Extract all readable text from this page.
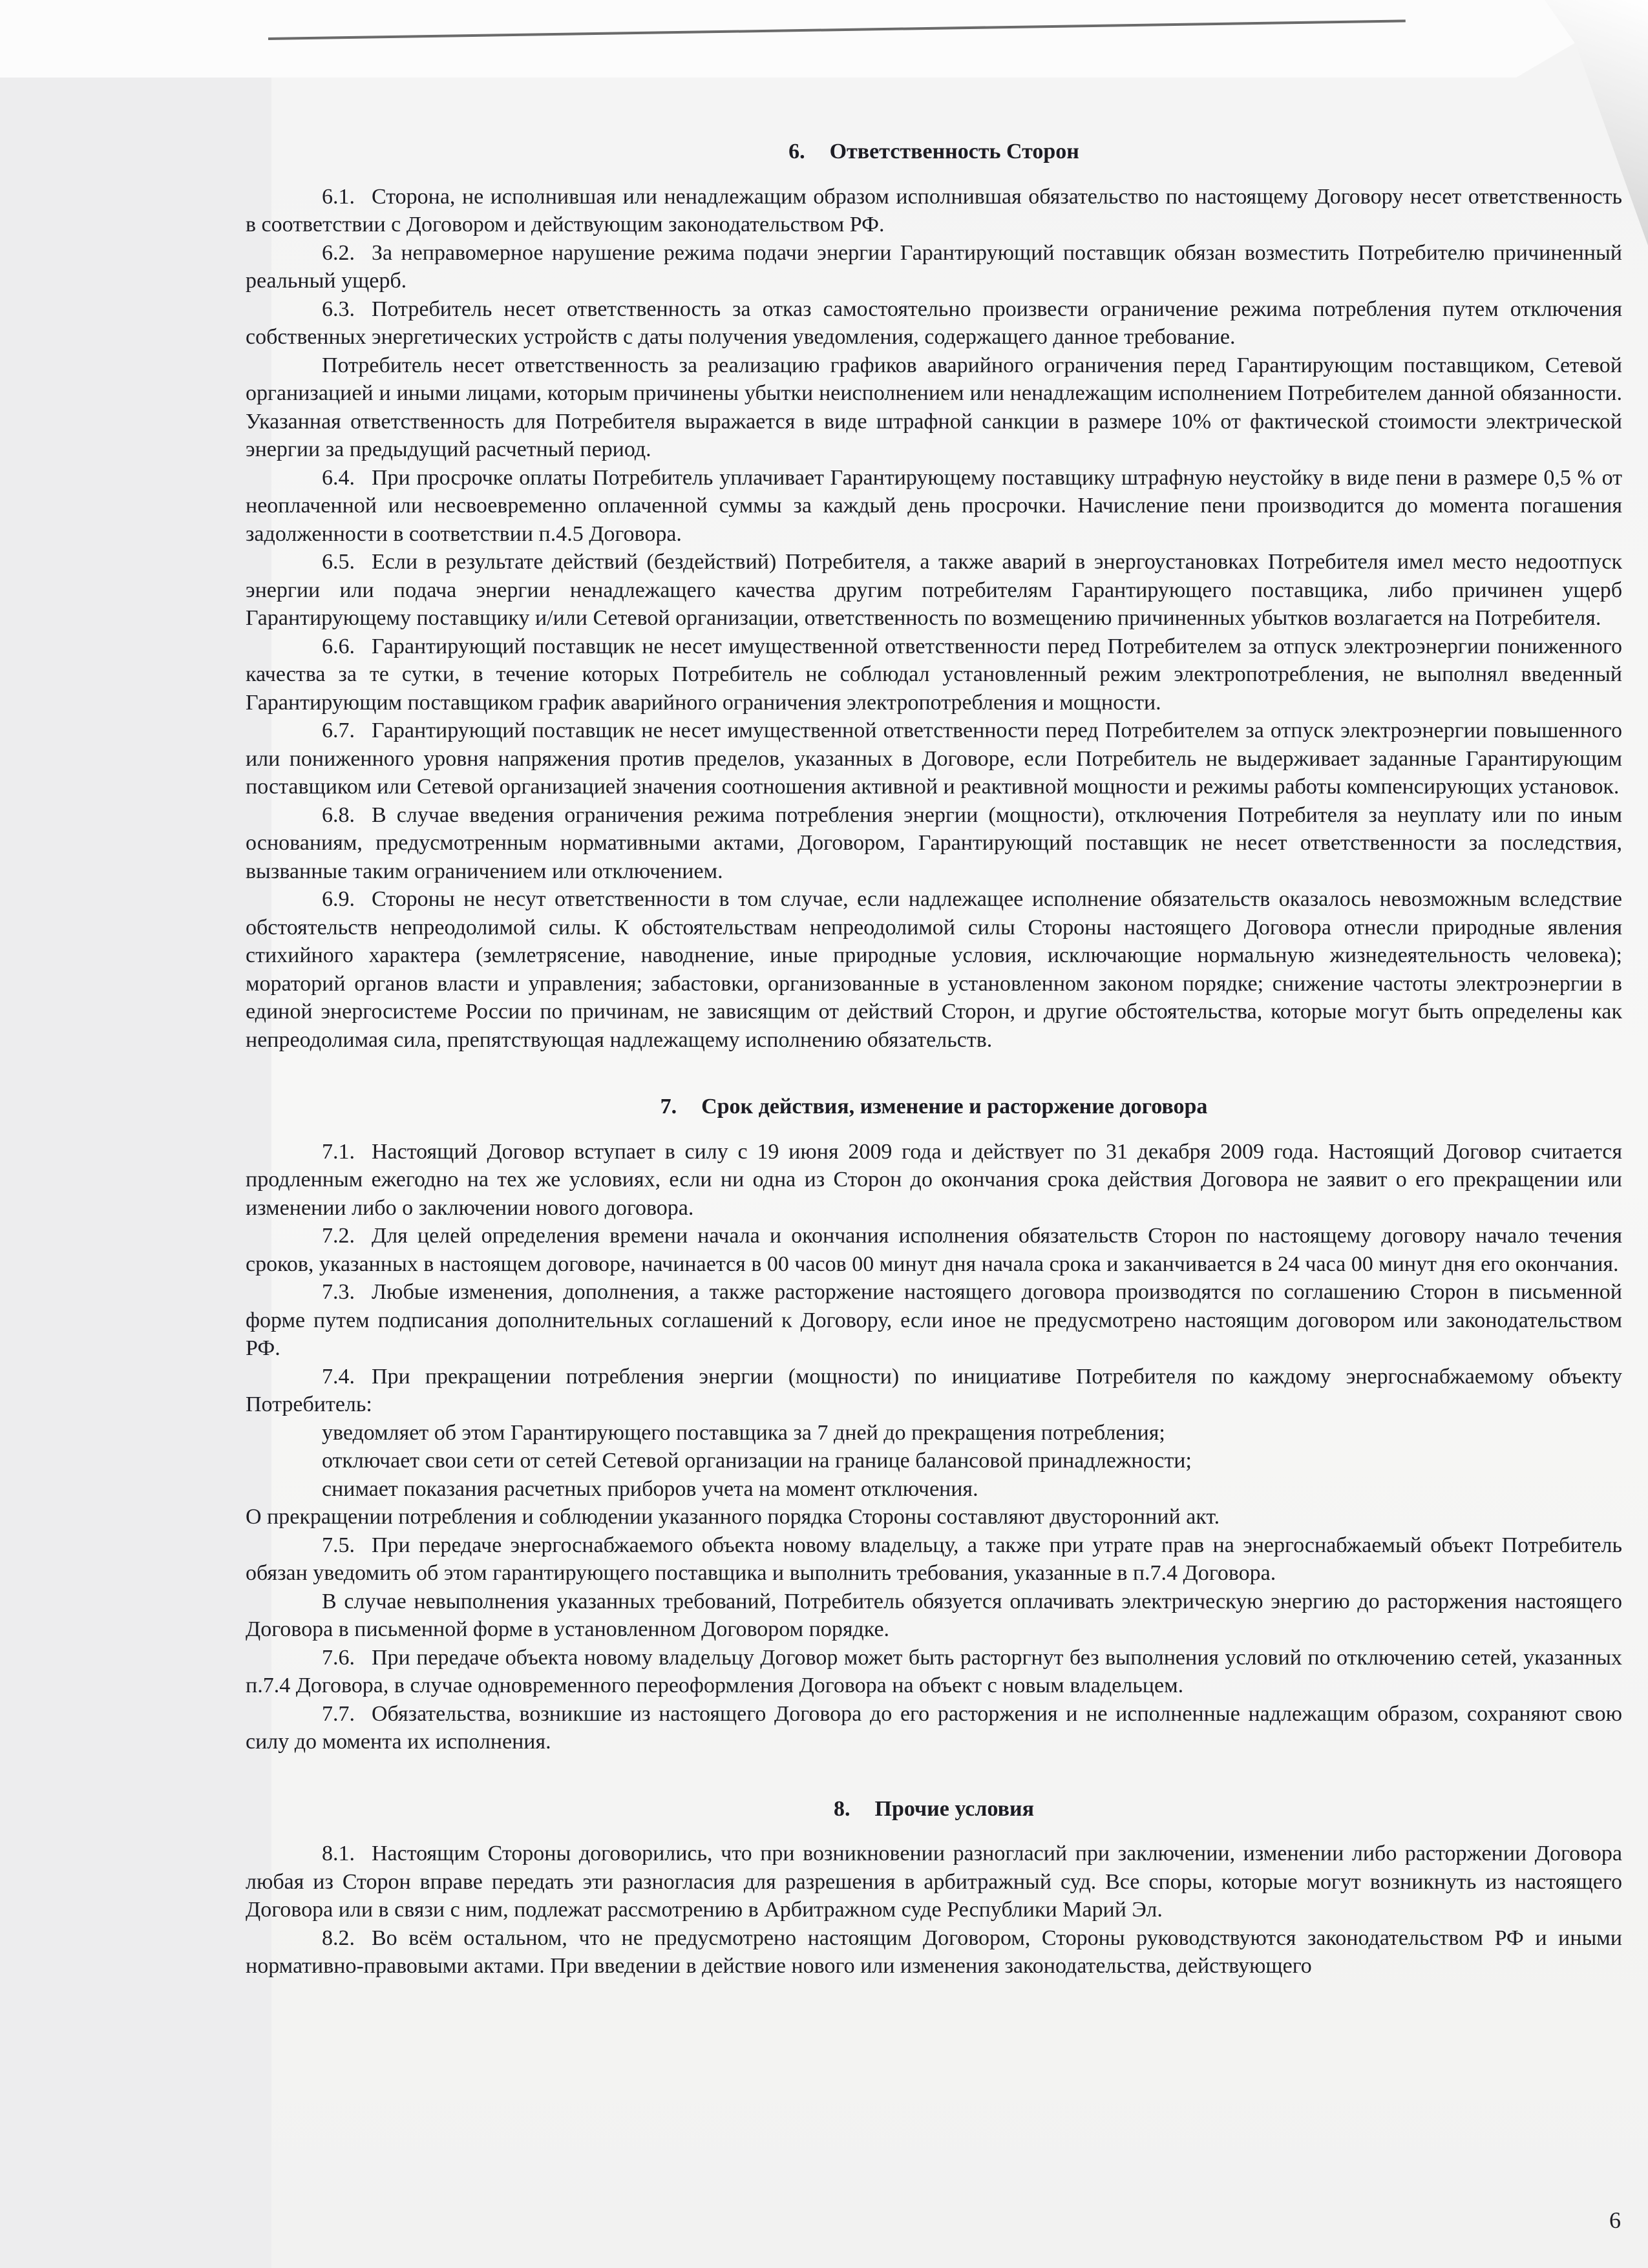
6. Ответственность Сторон

6.1. Сторона, не исполнившая или ненадлежащим образом исполнившая обязательство по настоящему Договору несет ответственность в соответствии с Договором и действующим законодательством РФ.

6.2. За неправомерное нарушение режима подачи энергии Гарантирующий поставщик обязан возместить Потребителю причиненный реальный ущерб.

6.3. Потребитель несет ответственность за отказ самостоятельно произвести ограничение режима потребления путем отключения собственных энергетических устройств с даты получения уведомления, содержащего данное требование.

Потребитель несет ответственность за реализацию графиков аварийного ограничения перед Гарантирующим поставщиком, Сетевой организацией и иными лицами, которым причинены убытки неисполнением или ненадлежащим исполнением Потребителем данной обязанности. Указанная ответственность для Потребителя выражается в виде штрафной санкции в размере 10% от фактической стоимости электрической энергии за предыдущий расчетный период.

6.4. При просрочке оплаты Потребитель уплачивает Гарантирующему поставщику штрафную неустойку в виде пени в размере 0,5 % от неоплаченной или несвоевременно оплаченной суммы за каждый день просрочки. Начисление пени производится до момента погашения задолженности в соответствии п.4.5 Договора.

6.5. Если в результате действий (бездействий) Потребителя, а также аварий в энергоустановках Потребителя имел место недоотпуск энергии или подача энергии ненадлежащего качества другим потребителям Гарантирующего поставщика, либо причинен ущерб Гарантирующему поставщику и/или Сетевой организации, ответственность по возмещению причиненных убытков возлагается на Потребителя.

6.6. Гарантирующий поставщик не несет имущественной ответственности перед Потребителем за отпуск электроэнергии пониженного качества за те сутки, в течение которых Потребитель не соблюдал установленный режим электропотребления, не выполнял введенный Гарантирующим поставщиком график аварийного ограничения электропотребления и мощности.

6.7. Гарантирующий поставщик не несет имущественной ответственности перед Потребителем за отпуск электроэнергии повышенного или пониженного уровня напряжения против пределов, указанных в Договоре, если Потребитель не выдерживает заданные Гарантирующим поставщиком или Сетевой организацией значения соотношения активной и реактивной мощности и режимы работы компенсирующих установок.

6.8. В случае введения ограничения режима потребления энергии (мощности), отключения Потребителя за неуплату или по иным основаниям, предусмотренным нормативными актами, Договором, Гарантирующий поставщик не несет ответственности за последствия, вызванные таким ограничением или отключением.

6.9. Стороны не несут ответственности в том случае, если надлежащее исполнение обязательств оказалось невозможным вследствие обстоятельств непреодолимой силы. К обстоятельствам непреодолимой силы Стороны настоящего Договора отнесли природные явления стихийного характера (землетрясение, наводнение, иные природные условия, исключающие нормальную жизнедеятельность человека); мораторий органов власти и управления; забастовки, организованные в установленном законом порядке; снижение частоты электроэнергии в единой энергосистеме России по причинам, не зависящим от действий Сторон, и другие обстоятельства, которые могут быть определены как непреодолимая сила, препятствующая надлежащему исполнению обязательств.

7. Срок действия, изменение и расторжение договора

7.1. Настоящий Договор вступает в силу с 19 июня 2009 года и действует по 31 декабря 2009 года. Настоящий Договор считается продленным ежегодно на тех же условиях, если ни одна из Сторон до окончания срока действия Договора не заявит о его прекращении или изменении либо о заключении нового договора.

7.2. Для целей определения времени начала и окончания исполнения обязательств Сторон по настоящему договору начало течения сроков, указанных в настоящем договоре, начинается в 00 часов 00 минут дня начала срока и заканчивается в 24 часа 00 минут дня его окончания.

7.3. Любые изменения, дополнения, а также расторжение настоящего договора производятся по соглашению Сторон в письменной форме путем подписания дополнительных соглашений к Договору, если иное не предусмотрено настоящим договором или законодательством РФ.

7.4. При прекращении потребления энергии (мощности) по инициативе Потребителя по каждому энергоснабжаемому объекту Потребитель:

уведомляет об этом Гарантирующего поставщика за 7 дней до прекращения потребления;

отключает свои сети от сетей Сетевой организации на границе балансовой принадлежности;

снимает показания расчетных приборов учета на момент отключения.

О прекращении потребления и соблюдении указанного порядка Стороны составляют двусторонний акт.

7.5. При передаче энергоснабжаемого объекта новому владельцу, а также при утрате прав на энергоснабжаемый объект Потребитель обязан уведомить об этом гарантирующего поставщика и выполнить требования, указанные в п.7.4 Договора.

В случае невыполнения указанных требований, Потребитель обязуется оплачивать электрическую энергию до расторжения настоящего Договора в письменной форме в установленном Договором порядке.

7.6. При передаче объекта новому владельцу Договор может быть расторгнут без выполнения условий по отключению сетей, указанных п.7.4 Договора, в случае одновременного переоформления Договора на объект с новым владельцем.

7.7. Обязательства, возникшие из настоящего Договора до его расторжения и не исполненные надлежащим образом, сохраняют свою силу до момента их исполнения.

8. Прочие условия

8.1. Настоящим Стороны договорились, что при возникновении разногласий при заключении, изменении либо расторжении Договора любая из Сторон вправе передать эти разногласия для разрешения в арбитражный суд. Все споры, которые могут возникнуть из настоящего Договора или в связи с ним, подлежат рассмотрению в Арбитражном суде Республики Марий Эл.

8.2. Во всём остальном, что не предусмотрено настоящим Договором, Стороны руководствуются законодательством РФ и иными нормативно-правовыми актами. При введении в действие нового или изменения законодательства, действующего

6
